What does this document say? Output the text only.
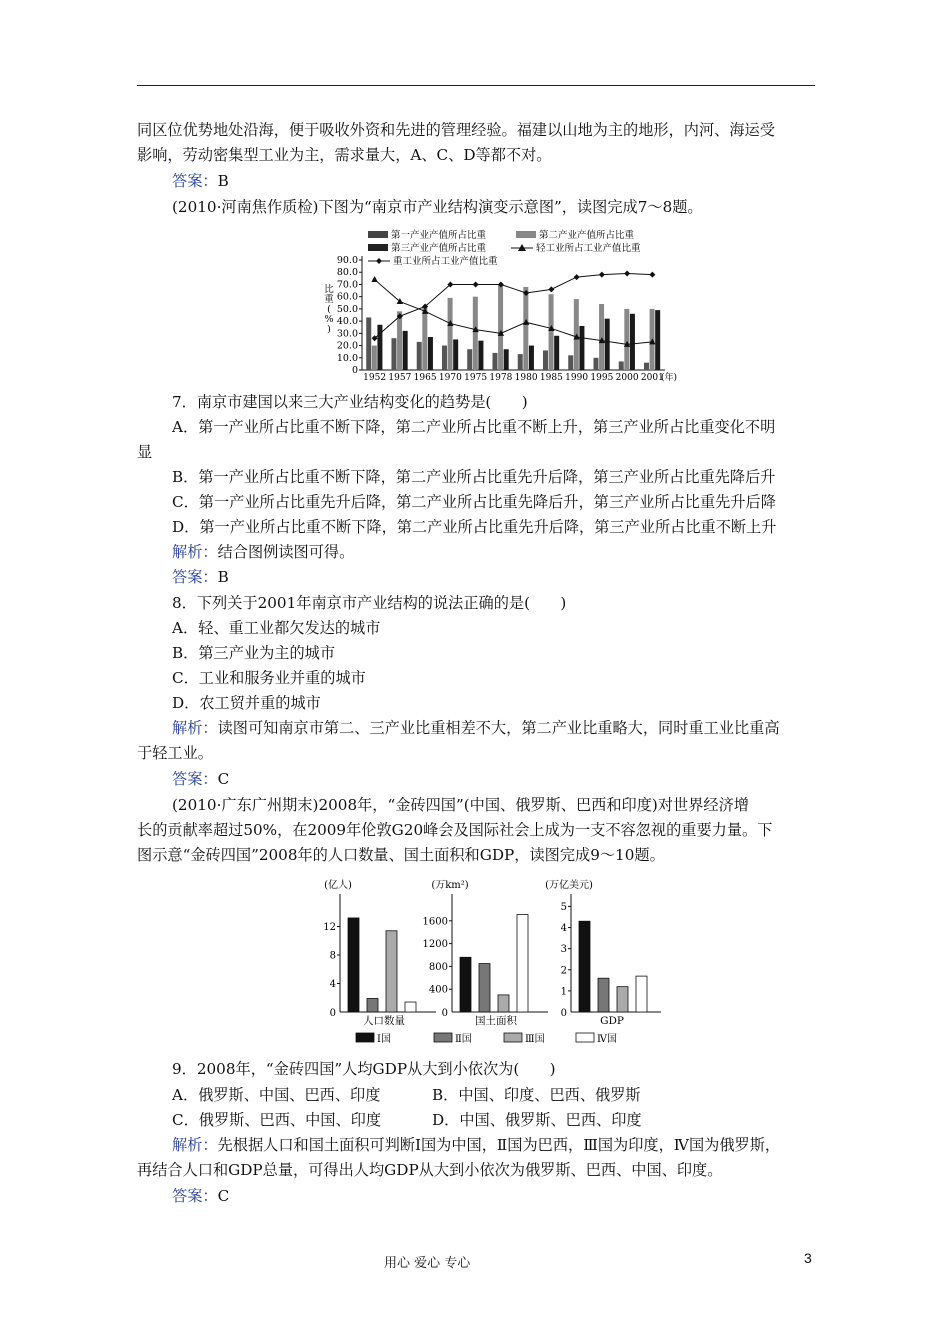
同区位优势地处沿海，便于吸收外资和先进的管理经验。福建以山地为主的地形，内河、海运受
影响，劳动密集型工业为主，需求量大，A、C、D等都不对。
答案：B
(2010·河南焦作质检)下图为“南京市产业结构演变示意图”，读图完成7～8题。
第一产业产值所占比重	第二产业产值所占比重
第三产业产值所占比重	轻工业所占工业产值比重
重工业所占工业产值比重
0
10.0
20.0
30.0
40.0
50.0
60.0
70.0
80.0
90.0
比
重
(
%
)
1952 1957 1965 1970 1975 1978 1980 1985 1990 1995 2000 2001
(年)
7．南京市建国以来三大产业结构变化的趋势是(　　)
A．第一产业所占比重不断下降，第二产业所占比重不断上升，第三产业所占比重变化不明
显
B．第一产业所占比重不断下降，第二产业所占比重先升后降，第三产业所占比重先降后升
C．第一产业所占比重先升后降，第二产业所占比重先降后升，第三产业所占比重先升后降
D．第一产业所占比重不断下降，第二产业所占比重先升后降，第三产业所占比重不断上升
解析：结合图例读图可得。
答案：B
8．下列关于2001年南京市产业结构的说法正确的是(　　)
A．轻、重工业都欠发达的城市
B．第三产业为主的城市
C．工业和服务业并重的城市
D．农工贸并重的城市
解析：读图可知南京市第二、三产业比重相差不大，第二产业比重略大，同时重工业比重高
于轻工业。
答案：C
(2010·广东广州期末)2008年，“金砖四国”(中国、俄罗斯、巴西和印度)对世界经济增
长的贡献率超过50%，在2009年伦敦G20峰会及国际社会上成为一支不容忽视的重要力量。下
图示意“金砖四国”2008年的人口数量、国土面积和GDP，读图完成9～10题。
(亿人)
0
4
8
12
人口数量
(万km²)
0
400
800
1200
1600
国土面积
(万亿美元)
0
1
2
3
4
5
GDP
Ⅰ国	Ⅱ国	Ⅲ国	Ⅳ国
9．2008年，“金砖四国”人均GDP从大到小依次为(　　)
A．俄罗斯、中国、巴西、印度	B．中国、印度、巴西、俄罗斯
C．俄罗斯、巴西、中国、印度	D．中国、俄罗斯、巴西、印度
解析：先根据人口和国土面积可判断Ⅰ国为中国，Ⅱ国为巴西，Ⅲ国为印度，Ⅳ国为俄罗斯，
再结合人口和GDP总量，可得出人均GDP从大到小依次为俄罗斯、巴西、中国、印度。
答案：C
用心 爱心 专心	3
